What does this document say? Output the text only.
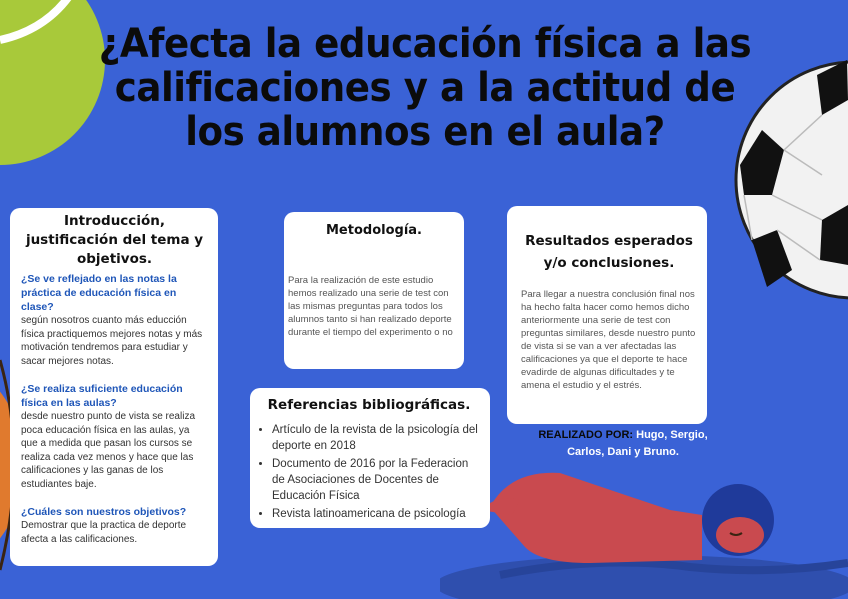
¿Afecta la educación física a las calificaciones y a la actitud de los alumnos en el aula?
Introducción, justificación del tema y objetivos.
¿Se ve reflejado en las notas la práctica de educación física en clase?
según nosotros cuanto más educción física practiquemos mejores notas y más motivación tendremos para estudiar y sacar mejores notas.
¿Se realiza suficiente educación física en las aulas?
desde nuestro punto de vista se realiza poca educación física en las aulas, ya que a medida que pasan los cursos se realiza cada vez menos y hace que las calificaciones y las ganas de los estudiantes baje.
¿Cuáles son nuestros objetivos?
Demostrar que la practica de deporte afecta a las calificaciones.
Metodología.
Para la realización de este estudio hemos realizado una serie de test con las mismas preguntas para todos los alumnos tanto si han realizado deporte durante el tiempo del experimento o no
Referencias bibliográficas.
• Artículo de la revista de la psicología del deporte en 2018
• Documento de 2016 por la Federacion de Asociaciones de Docentes de Educación Física
• Revista latinoamericana de psicología
Resultados esperados y/o conclusiones.
Para llegar a nuestra conclusión final nos ha hecho falta hacer como hemos dicho anteriormente una serie de test con preguntas similares, desde nuestro punto de vista si se van a ver afectadas las calificaciones ya que el deporte te hace evadirde de algunas dificultades y te amena el estudio y el estrés.
REALIZADO POR: Hugo, Sergio, Carlos, Dani y Bruno.
